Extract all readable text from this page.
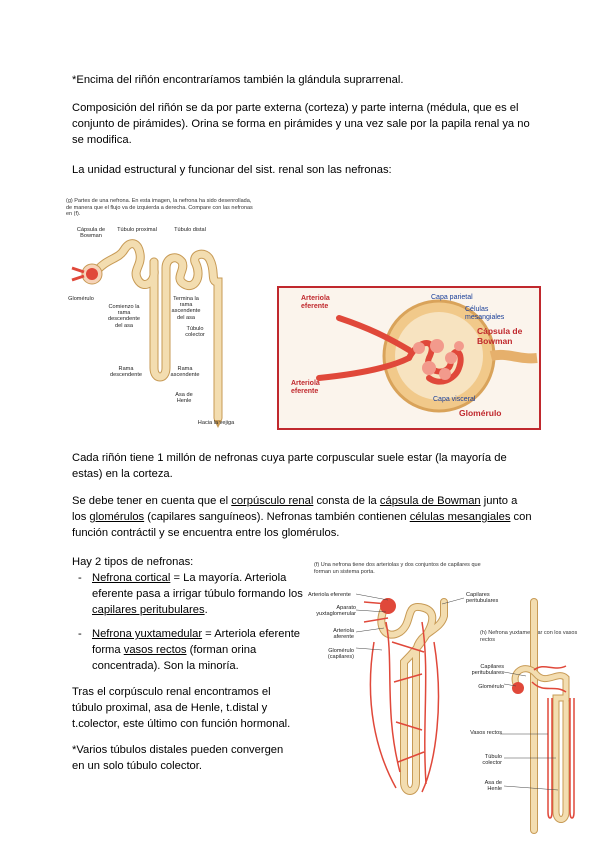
*Encima del riñón encontraríamos también la glándula suprarrenal.

Composición del riñón se da por parte externa (corteza) y parte interna (médula, que es el conjunto de pirámides). Orina se forma en pirámides y una vez sale por la papila renal ya no se modifica.

La unidad estructural y funcionar del sist. renal son las nefronas:

(g) Partes de una nefrona. En esta imagen, la nefrona ha sido desenrollada, de manera que el flujo va de izquierda a derecha. Compare con las nefronas en (f).
Cápsula de Bowman
Túbulo proximal	Túbulo distal
Glomérulo
Comienzo la rama descendente del asa
Termina la rama ascendente del asa
Túbulo colector
Rama descendente
Rama ascendente
Asa de Henle
Hacia la vejiga
Arteriola eferente
Capa parietal
Células mesangiales
Cápsula de Bowman
Arteriola eferente
Capa visceral
Glomérulo

Cada riñón tiene 1 millón de nefronas cuya parte corpuscular suele estar (la mayoría de estas) en la corteza.

Se debe tener en cuenta que el corpúsculo renal consta de la cápsula de Bowman junto a los glomérulos (capilares sanguíneos). Nefronas también contienen células mesangiales con función contráctil y se encuentra entre los glomérulos.

Hay 2 tipos de nefronas:

- Nefrona cortical = La mayoría. Arteriola eferente pasa a irrigar túbulo formando los capilares peritubulares.
- Nefrona yuxtamedular = Arteriola eferente forma vasos rectos (forman orina concentrada). Son la minoría.

Tras el corpúsculo renal encontramos el túbulo proximal, asa de Henle, t.distal y t.colector, este último con función hormonal.

*Varios túbulos distales pueden convergen en un solo túbulo colector.

(f) Una nefrona tiene dos arteriolas y dos conjuntos de capilares que forman un sistema porta.
(h) Nefrona yuxtamedular con los vasos rectos
Arteriola eferente
Aparato yuxtaglomerular
Arteriola aferente
Glomérulo (capilares)
Capilares peritubulares
Capilares peritubulares
Glomérulo
Vasos rectos
Túbulo colector
Asa de Henle
